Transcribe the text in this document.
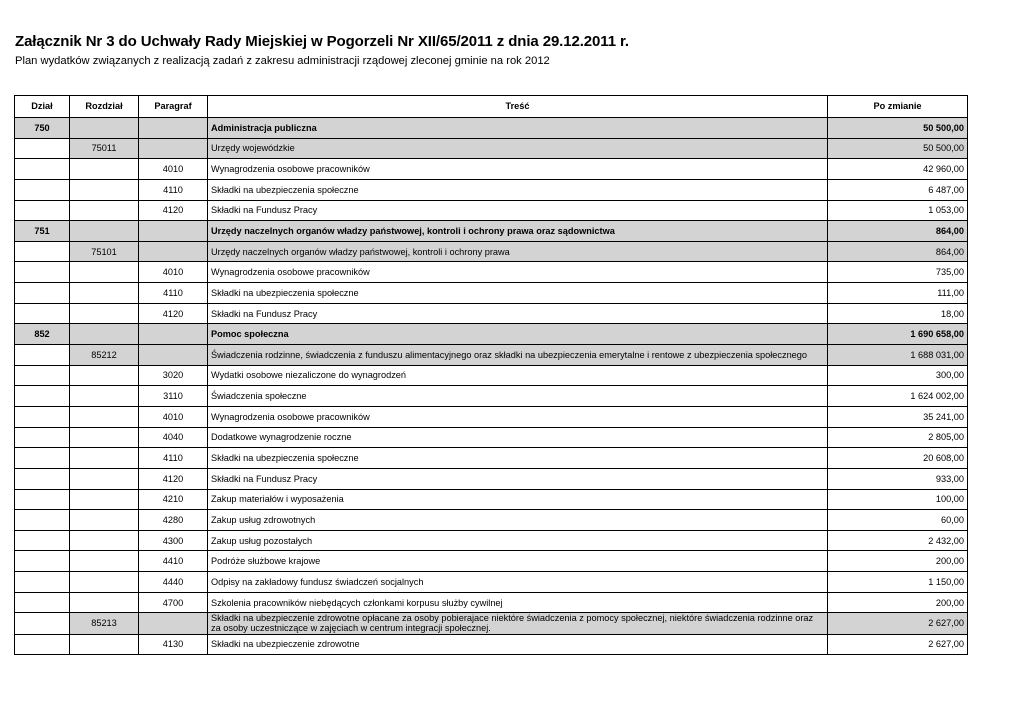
Załącznik Nr 3 do Uchwały Rady Miejskiej w Pogorzeli Nr XII/65/2011 z dnia 29.12.2011 r.
Plan wydatków związanych z realizacją zadań z zakresu administracji rządowej zleconej gminie na rok 2012
Dział	Rozdział	Paragraf	Treść	Po zmianie
750			Administracja publiczna	50 500,00
	75011		Urzędy wojewódzkie	50 500,00
		4010	Wynagrodzenia osobowe pracowników	42 960,00
		4110	Składki na ubezpieczenia społeczne	6 487,00
		4120	Składki na Fundusz Pracy	1 053,00
751			Urzędy naczelnych organów władzy państwowej, kontroli i ochrony prawa oraz sądownictwa	864,00
	75101		Urzędy naczelnych organów władzy państwowej, kontroli i ochrony prawa	864,00
		4010	Wynagrodzenia osobowe pracowników	735,00
		4110	Składki na ubezpieczenia społeczne	111,00
		4120	Składki na Fundusz Pracy	18,00
852			Pomoc społeczna	1 690 658,00
	85212		Świadczenia rodzinne, świadczenia z funduszu alimentacyjnego oraz składki na ubezpieczenia emerytalne i rentowe z ubezpieczenia społecznego	1 688 031,00
		3020	Wydatki osobowe niezaliczone do wynagrodzeń	300,00
		3110	Świadczenia społeczne	1 624 002,00
		4010	Wynagrodzenia osobowe pracowników	35 241,00
		4040	Dodatkowe wynagrodzenie roczne	2 805,00
		4110	Składki na ubezpieczenia społeczne	20 608,00
		4120	Składki na Fundusz Pracy	933,00
		4210	Zakup materiałów i wyposażenia	100,00
		4280	Zakup usług zdrowotnych	60,00
		4300	Zakup usług pozostałych	2 432,00
		4410	Podróże służbowe krajowe	200,00
		4440	Odpisy na zakładowy fundusz świadczeń socjalnych	1 150,00
		4700	Szkolenia pracowników niebędących członkami korpusu służby cywilnej	200,00
	85213		Składki na ubezpieczenie zdrowotne opłacane za osoby pobierajace niektóre świadczenia z pomocy społecznej, niektóre świadczenia rodzinne oraz za osoby uczestniczące w zajęciach w centrum integracji społecznej.	2 627,00
		4130	Składki na ubezpieczenie zdrowotne	2 627,00
